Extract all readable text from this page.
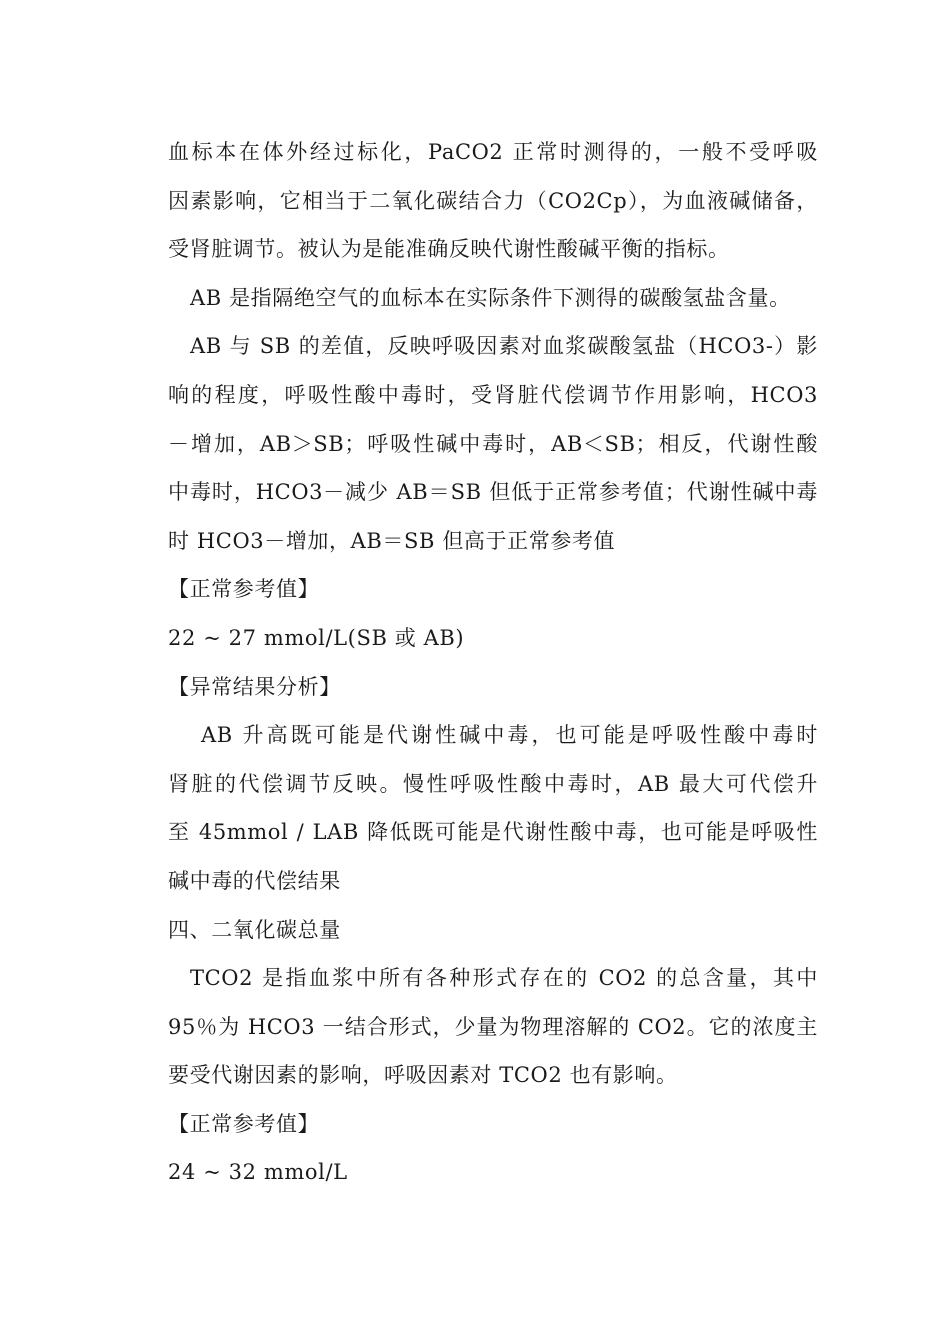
血标本在体外经过标化，PaCO2 正常时测得的，一般不受呼吸
因素影响，它相当于二氧化碳结合力（CO2Cp），为血液碱储备，
受肾脏调节。被认为是能准确反映代谢性酸碱平衡的指标。
AB 是指隔绝空气的血标本在实际条件下测得的碳酸氢盐含量。
AB 与 SB 的差值，反映呼吸因素对血浆碳酸氢盐（HCO3-）影
响的程度，呼吸性酸中毒时，受肾脏代偿调节作用影响，HCO3
－增加，AB＞SB；呼吸性碱中毒时，AB＜SB；相反，代谢性酸
中毒时，HCO3－减少 AB＝SB 但低于正常参考值；代谢性碱中毒
时 HCO3－增加，AB＝SB 但高于正常参考值
【正常参考值】
22 ~ 27 mmol/L(SB 或 AB)
【异常结果分析】
AB 升高既可能是代谢性碱中毒，也可能是呼吸性酸中毒时
肾脏的代偿调节反映。慢性呼吸性酸中毒时，AB 最大可代偿升
至 45mmol / LAB 降低既可能是代谢性酸中毒，也可能是呼吸性
碱中毒的代偿结果
四、二氧化碳总量
TCO2 是指血浆中所有各种形式存在的 CO2 的总含量，其中
95％为 HCO3 一结合形式，少量为物理溶解的 CO2。它的浓度主
要受代谢因素的影响，呼吸因素对 TCO2 也有影响。
【正常参考值】
24 ~ 32 mmol/L
